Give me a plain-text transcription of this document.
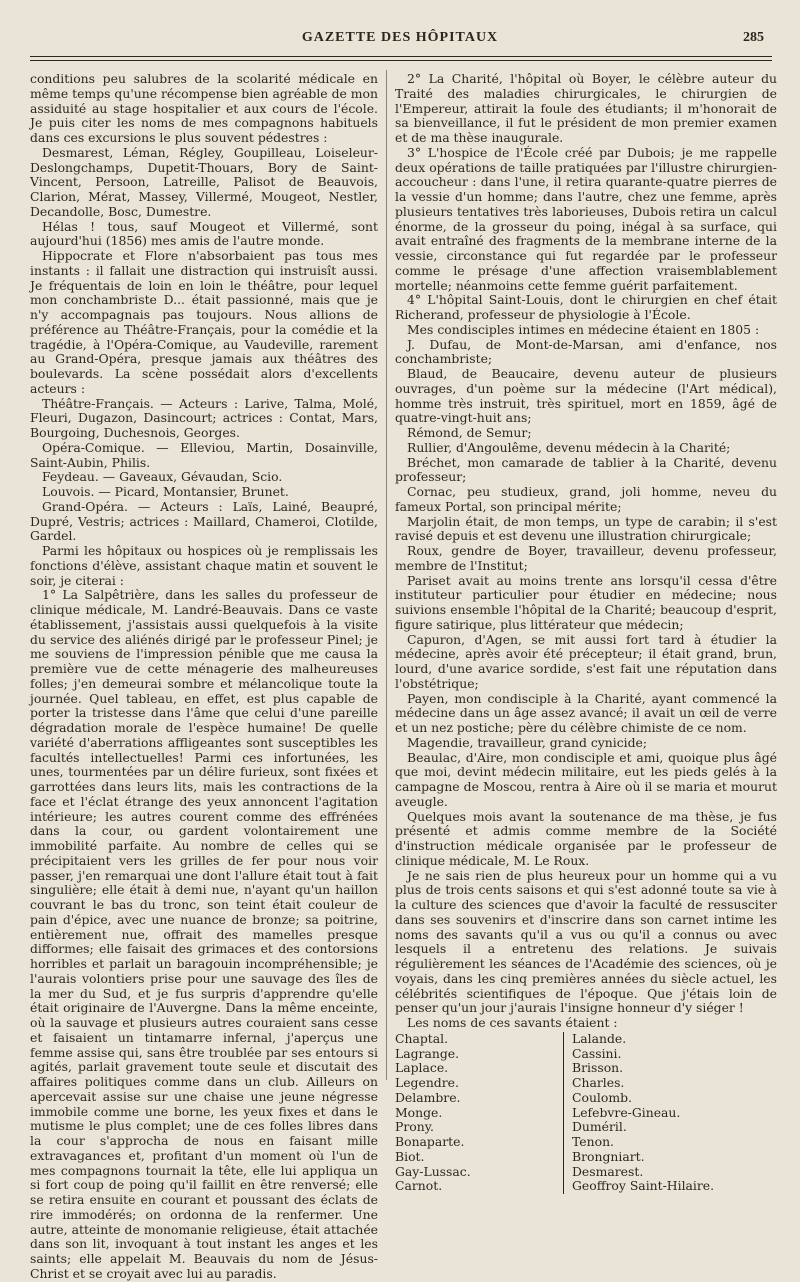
GAZETTE DES HÔPITAUX	285

conditions peu salubres de la scolarité médicale en mêmе temps qu'une récompense bien agréable de mon assiduité au stage hospitalier et aux cours de l'école. Je puis citer les noms de mes compagnons habituels dans ces excursions le plus souvent pédestres :

Desmarest, Léman, Régley, Goupilleau, Loiseleur-Deslongchamps, Dupetit-Thouars, Bory de Saint-Vincent, Persoon, Latreille, Palisot de Beauvois, Clarion, Mérat, Massey, Villermé, Mougeot, Nestler, Decandolle, Bosc, Dumestre.

Hélas ! tous, sauf Mougeot et Villermé, sont aujourd'hui (1856) mes amis de l'autre monde.

Hippocrate et Flore n'absorbaient pas tous mes instants : il fallait une distraction qui instruisît aussi. Je fréquentais de loin en loin le théâtre, pour lequel mon conchambriste D... était passionné, mais que je n'y accompagnais pas toujours. Nous allions de préférence au Théâtre-Français, pour la comédie et la tragédie, à l'Opéra-Comique, au Vaudeville, rarement au Grand-Opéra, presque jamais aux théâtres des boulevards. La scène possédait alors d'excellents acteurs :

Théâtre-Français. — Acteurs : Larive, Talma, Molé, Fleuri, Dugazon, Dasincourt; actrices : Contat, Mars, Bourgoing, Duchesnois, Georges.

Opéra-Comique. — Elleviou, Martin, Dosainville, Saint-Aubin, Philis.

Feydeau. — Gaveaux, Gévaudan, Scio.

Louvois. — Picard, Montansier, Brunet.

Grand-Opéra. — Acteurs : Laïs, Lainé, Beaupré, Dupré, Vestris; actrices : Maillard, Chameroi, Clotilde, Gardel.

Parmi les hôpitaux ou hospices où je remplissais les fonctions d'élève, assistant chaque matin et souvent le soir, je citerai :

1° La Salpêtrière, dans les salles du professeur de clinique médicale, M. Landré-Beauvais. Dans ce vaste établissement, j'assistais aussi quelquefois à la visite du service des aliénés dirigé par le professeur Pinel; je me souviens de l'impression pénible que me causa la première vue de cette ménagerie des malheureuses folles; j'en demeurai sombre et mélancolique toute la journée. Quel tableau, en effet, est plus capable de porter la tristesse dans l'âme que celui d'une pareille dégradation morale de l'espèce humaine! De quelle variété d'aberrations affligeantes sont susceptibles les facultés intellectuelles! Parmi ces infortunées, les unes, tourmentées par un délire furieux, sont fixées et garrottées dans leurs lits, mais les contractions de la face et l'éclat étrange des yeux annoncent l'agitation intérieure; les autres courent comme des effrénées dans la cour, ou gardent volontairement une immobilité parfaite. Au nombre de celles qui se précipitaient vers les grilles de fer pour nous voir passer, j'en remarquai une dont l'allure était tout à fait singulière; elle était à demi nue, n'ayant qu'un haillon couvrant le bas du tronc, son teint était couleur de pain d'épice, avec une nuance de bronze; sa poitrine, entièrement nue, offrait des mamelles presque difformes; elle faisait des grimaces et des contorsions horribles et parlait un baragouin incompréhensible; je l'aurais volontiers prise pour une sauvage des îles de la mer du Sud, et je fus surpris d'apprendre qu'elle était originaire de l'Auvergne. Dans la même enceinte, où la sauvage et plusieurs autres couraient sans cesse et faisaient un tintamarre infernal, j'aperçus une femme assise qui, sans être troublée par ses entours si agités, parlait gravement toute seule et discutait des affaires politiques comme dans un club. Ailleurs on apercevait assise sur une chaise une jeune négresse immobile comme une borne, les yeux fixes et dans le mutisme le plus complet; une de ces folles libres dans la cour s'approcha de nous en faisant mille extravagances et, profitant d'un moment où l'un de mes compagnons tournait la tête, elle lui appliqua un si fort coup de poing qu'il faillit en être renversé; elle se retira ensuite en courant et poussant des éclats de rire immodérés; on ordonna de la renfermer. Une autre, atteinte de monomanie religieuse, était attachée dans son lit, invoquant à tout instant les anges et les saints; elle appelait M. Beauvais du nom de Jésus-Christ et se croyait avec lui au paradis.

2° La Charité, l'hôpital où Boyer, le célèbre auteur du Traité des maladies chirurgicales, le chirurgien de l'Empereur, attirait la foule des étudiants; il m'honorait de sa bienveillance, il fut le président de mon premier examen et de ma thèse inaugurale.

3° L'hospice de l'École créé par Dubois; je me rappelle deux opérations de taille pratiquées par l'illustre chirurgien-accoucheur : dans l'une, il retira quarante-quatre pierres de la vessie d'un homme; dans l'autre, chez une femme, après plusieurs tentatives très laborieuses, Dubois retira un calcul énorme, de la grosseur du poing, inégal à sa surface, qui avait entraîné des fragments de la membrane interne de la vessie, circonstance qui fut regardée par le professeur comme le présage d'une affection vraisemblablement mortelle; néanmoins cette femme guérit parfaitement.

4° L'hôpital Saint-Louis, dont le chirurgien en chef était Richerand, professeur de physiologie à l'École.

Mes condisciples intimes en médecine étaient en 1805 :

J. Dufau, de Mont-de-Marsan, ami d'enfance, nos conchambriste;

Blaud, de Beaucaire, devenu auteur de plusieurs ouvrages, d'un poème sur la médecine (l'Art médical), homme très instruit, très spirituel, mort en 1859, âgé de quatre-vingt-huit ans;

Rémond, de Semur;

Rullier, d'Angoulême, devenu médecin à la Charité;

Bréchet, mon camarade de tablier à la Charité, devenu professeur;

Cornac, peu studieux, grand, joli homme, neveu du fameux Portal, son principal mérite;

Marjolin était, de mon temps, un type de carabin; il s'est ravisé depuis et est devenu une illustration chirurgicale;

Roux, gendre de Boyer, travailleur, devenu professeur, membre de l'Institut;

Pariset avait au moins trente ans lorsqu'il cessa d'être instituteur particulier pour étudier en médecine; nous suivions ensemble l'hôpital de la Charité; beaucoup d'esprit, figure satirique, plus littérateur que médecin;

Capuron, d'Agen, se mit aussi fort tard à étudier la médecine, après avoir été précepteur; il était grand, brun, lourd, d'une avarice sordide, s'est fait une réputation dans l'obstétrique;

Payen, mon condisciple à la Charité, ayant commencé la médecine dans un âge assez avancé; il avait un œil de verre et un nez postiche; père du célèbre chimiste de ce nom.

Magendie, travailleur, grand cynicide;

Beaulac, d'Aire, mon condisciple et ami, quoique plus âgé que moi, devint médecin militaire, eut les pieds gelés à la campagne de Moscou, rentra à Aire où il se maria et mourut aveugle.

Quelques mois avant la soutenance de ma thèse, je fus présenté et admis comme membre de la Société d'instruction médicale organisée par le professeur de clinique médicale, M. Le Roux.

Je ne sais rien de plus heureux pour un homme qui a vu plus de trois cents saisons et qui s'est adonné toute sa vie à la culture des sciences que d'avoir la faculté de ressusciter dans ses souvenirs et d'inscrire dans son carnet intime les noms des savants qu'il a vus ou qu'il a connus ou avec lesquels il a entretenu des relations. Je suivais régulièrement les séances de l'Académie des sciences, où je voyais, dans les cinq premières années du siècle actuel, les célébrités scientifiques de l'époque. Que j'étais loin de penser qu'un jour j'aurais l'insigne honneur d'y siéger !

Les noms de ces savants étaient :

Chaptal.
Lagrange.
Laplace.
Legendre.
Delambre.
Monge.
Prony.
Bonaparte.
Biot.
Gay-Lussac.
Carnot.
Lalande.
Cassini.
Brisson.
Charles.
Coulomb.
Lefebvre-Gineau.
Duméril.
Tenon.
Brongniart.
Desmarest.
Geoffroy Saint-Hilaire.
